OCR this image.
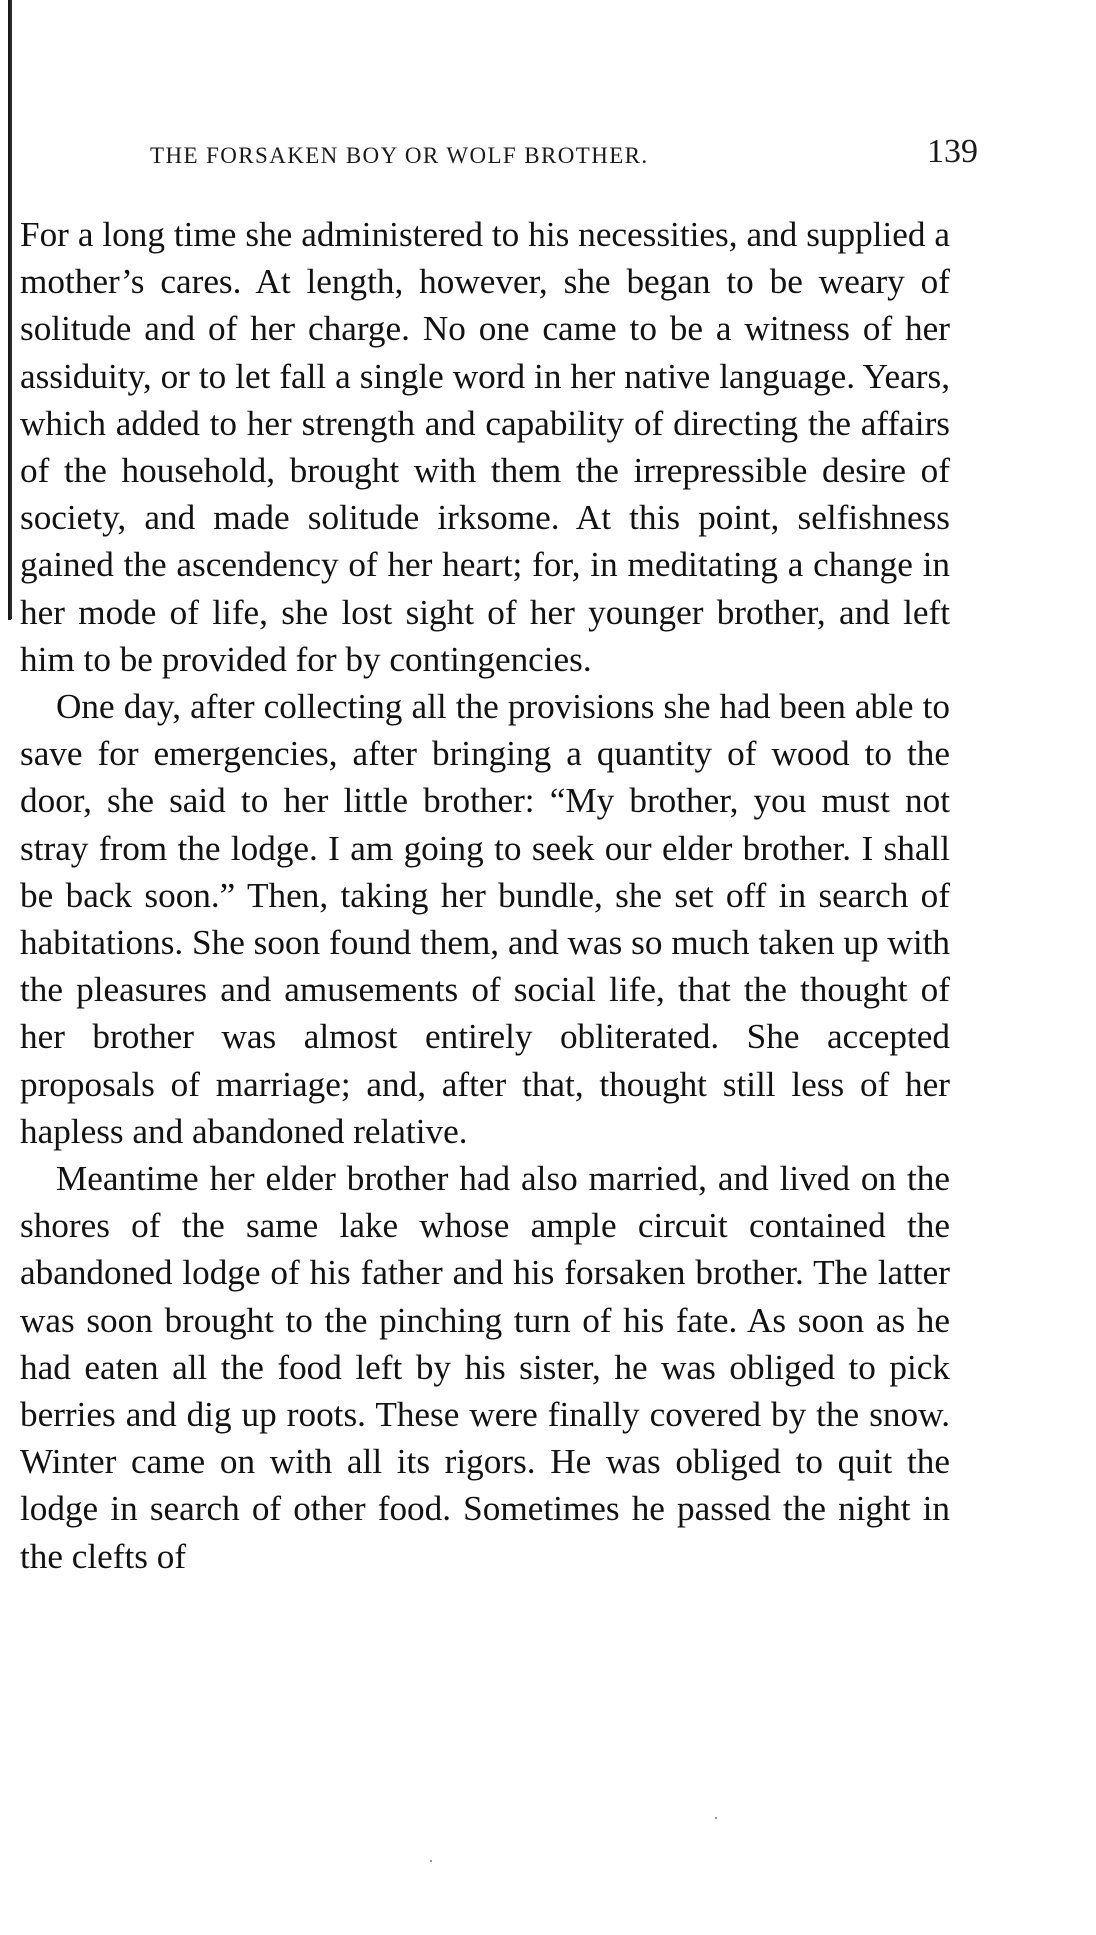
THE FORSAKEN BOY OR WOLF BROTHER.	139

For a long time she administered to his necessities, and supplied a mother’s cares. At length, however, she began to be weary of solitude and of her charge. No one came to be a witness of her assiduity, or to let fall a single word in her native language. Years, which added to her strength and capability of directing the affairs of the household, brought with them the irrepressible desire of society, and made solitude irksome. At this point, selfishness gained the ascendency of her heart; for, in meditating a change in her mode of life, she lost sight of her younger brother, and left him to be provided for by contingencies.

One day, after collecting all the provisions she had been able to save for emergencies, after bringing a quantity of wood to the door, she said to her little brother: “My brother, you must not stray from the lodge. I am going to seek our elder brother. I shall be back soon.” Then, taking her bundle, she set off in search of habitations. She soon found them, and was so much taken up with the pleasures and amusements of social life, that the thought of her brother was almost entirely obliterated. She accepted proposals of marriage; and, after that, thought still less of her hapless and abandoned relative.

Meantime her elder brother had also married, and lived on the shores of the same lake whose ample circuit contained the abandoned lodge of his father and his forsaken brother. The latter was soon brought to the pinching turn of his fate. As soon as he had eaten all the food left by his sister, he was obliged to pick berries and dig up roots. These were finally covered by the snow. Winter came on with all its rigors. He was obliged to quit the lodge in search of other food. Sometimes he passed the night in the clefts of
